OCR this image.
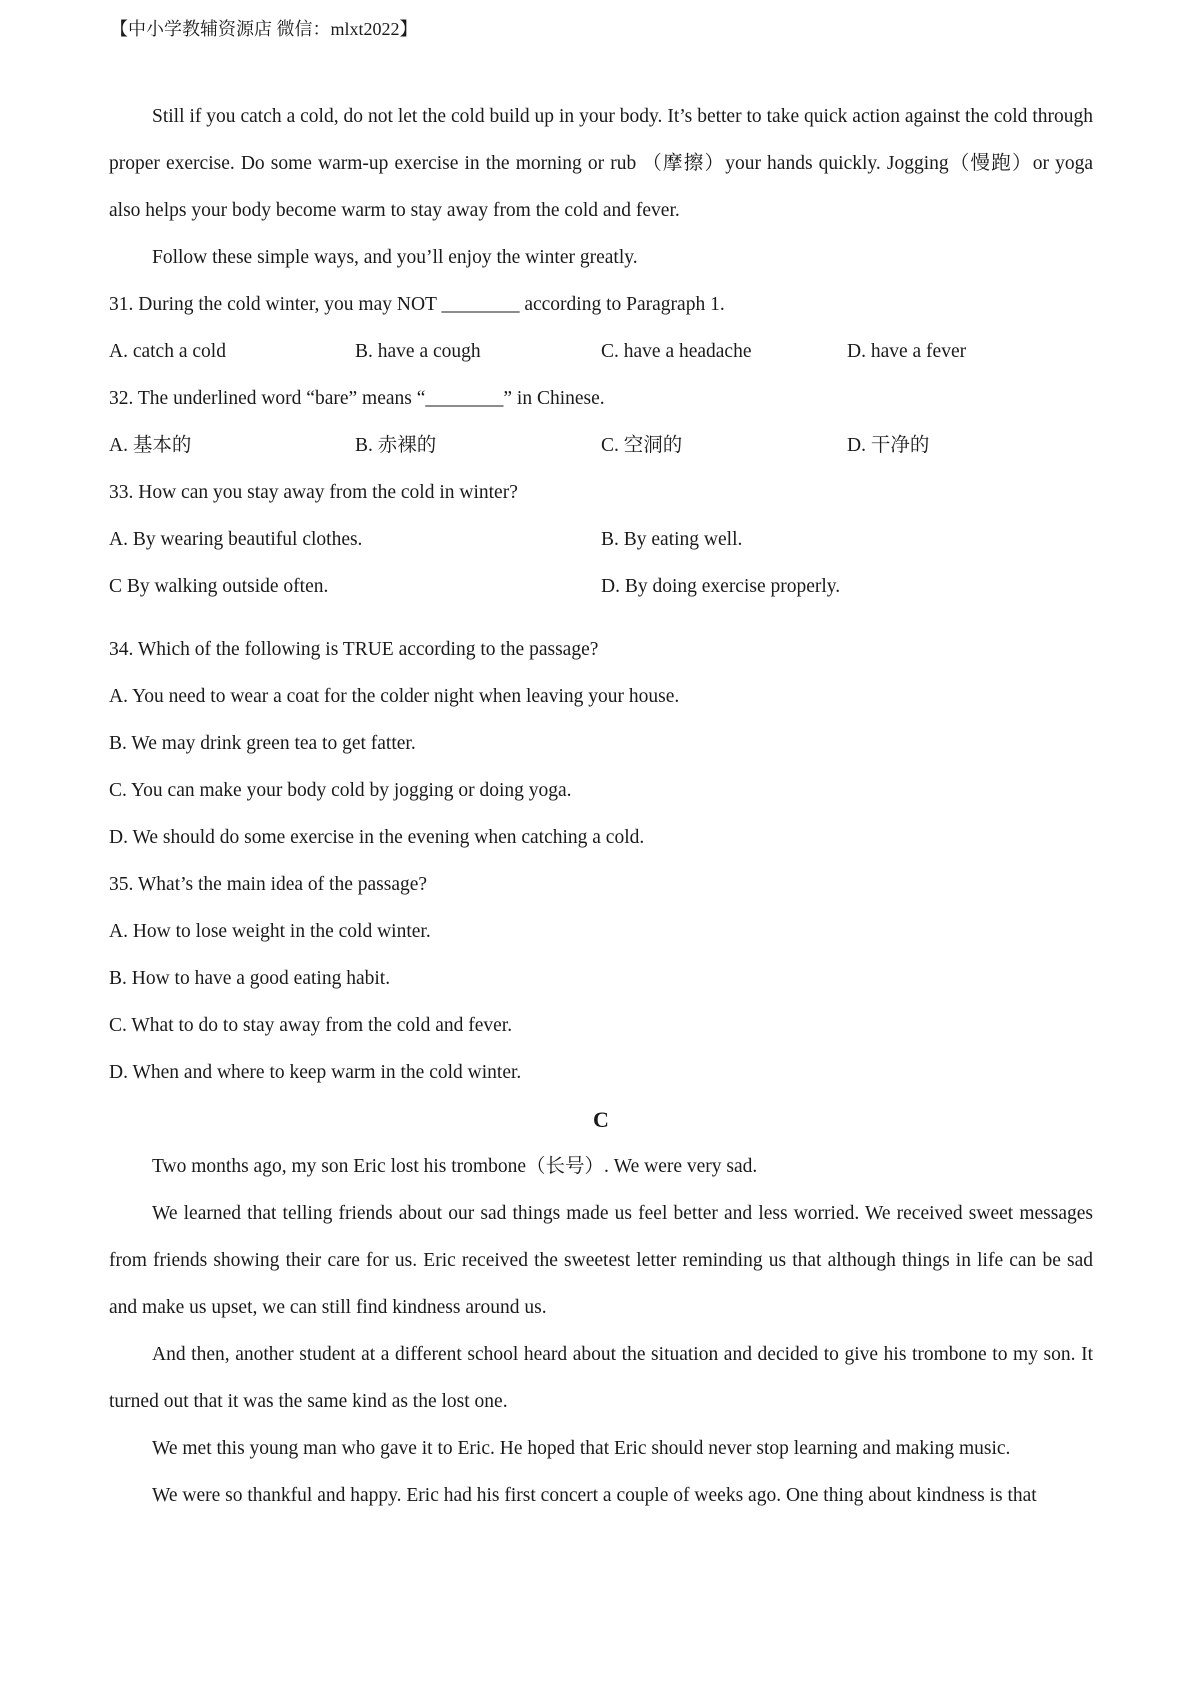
【中小学教辅资源店 微信：mlxt2022】

Still if you catch a cold, do not let the cold build up in your body. It’s better to take quick action against the cold through proper exercise. Do some warm-up exercise in the morning or rub （摩擦）your hands quickly. Jogging（慢跑）or yoga also helps your body become warm to stay away from the cold and fever.

Follow these simple ways, and you’ll enjoy the winter greatly.

31. During the cold winter, you may NOT ________ according to Paragraph 1.

A. catch a cold	B. have a cough	C. have a headache	D. have a fever

32. The underlined word “bare” means “________” in Chinese.

A. 基本的	B. 赤裸的	C. 空洞的	D. 干净的

33. How can you stay away from the cold in winter?

A. By wearing beautiful clothes.	B. By eating well.
C By walking outside often.	D. By doing exercise properly.

34. Which of the following is TRUE according to the passage?

A. You need to wear a coat for the colder night when leaving your house.

B. We may drink green tea to get fatter.

C. You can make your body cold by jogging or doing yoga.

D. We should do some exercise in the evening when catching a cold.

35. What’s the main idea of the passage?

A. How to lose weight in the cold winter.

B. How to have a good eating habit.

C. What to do to stay away from the cold and fever.

D. When and where to keep warm in the cold winter.

C

Two months ago, my son Eric lost his trombone（长号）. We were very sad.

We learned that telling friends about our sad things made us feel better and less worried. We received sweet messages from friends showing their care for us. Eric received the sweetest letter reminding us that although things in life can be sad and make us upset, we can still find kindness around us.

And then, another student at a different school heard about the situation and decided to give his trombone to my son. It turned out that it was the same kind as the lost one.

We met this young man who gave it to Eric. He hoped that Eric should never stop learning and making music.

We were so thankful and happy. Eric had his first concert a couple of weeks ago. One thing about kindness is that
